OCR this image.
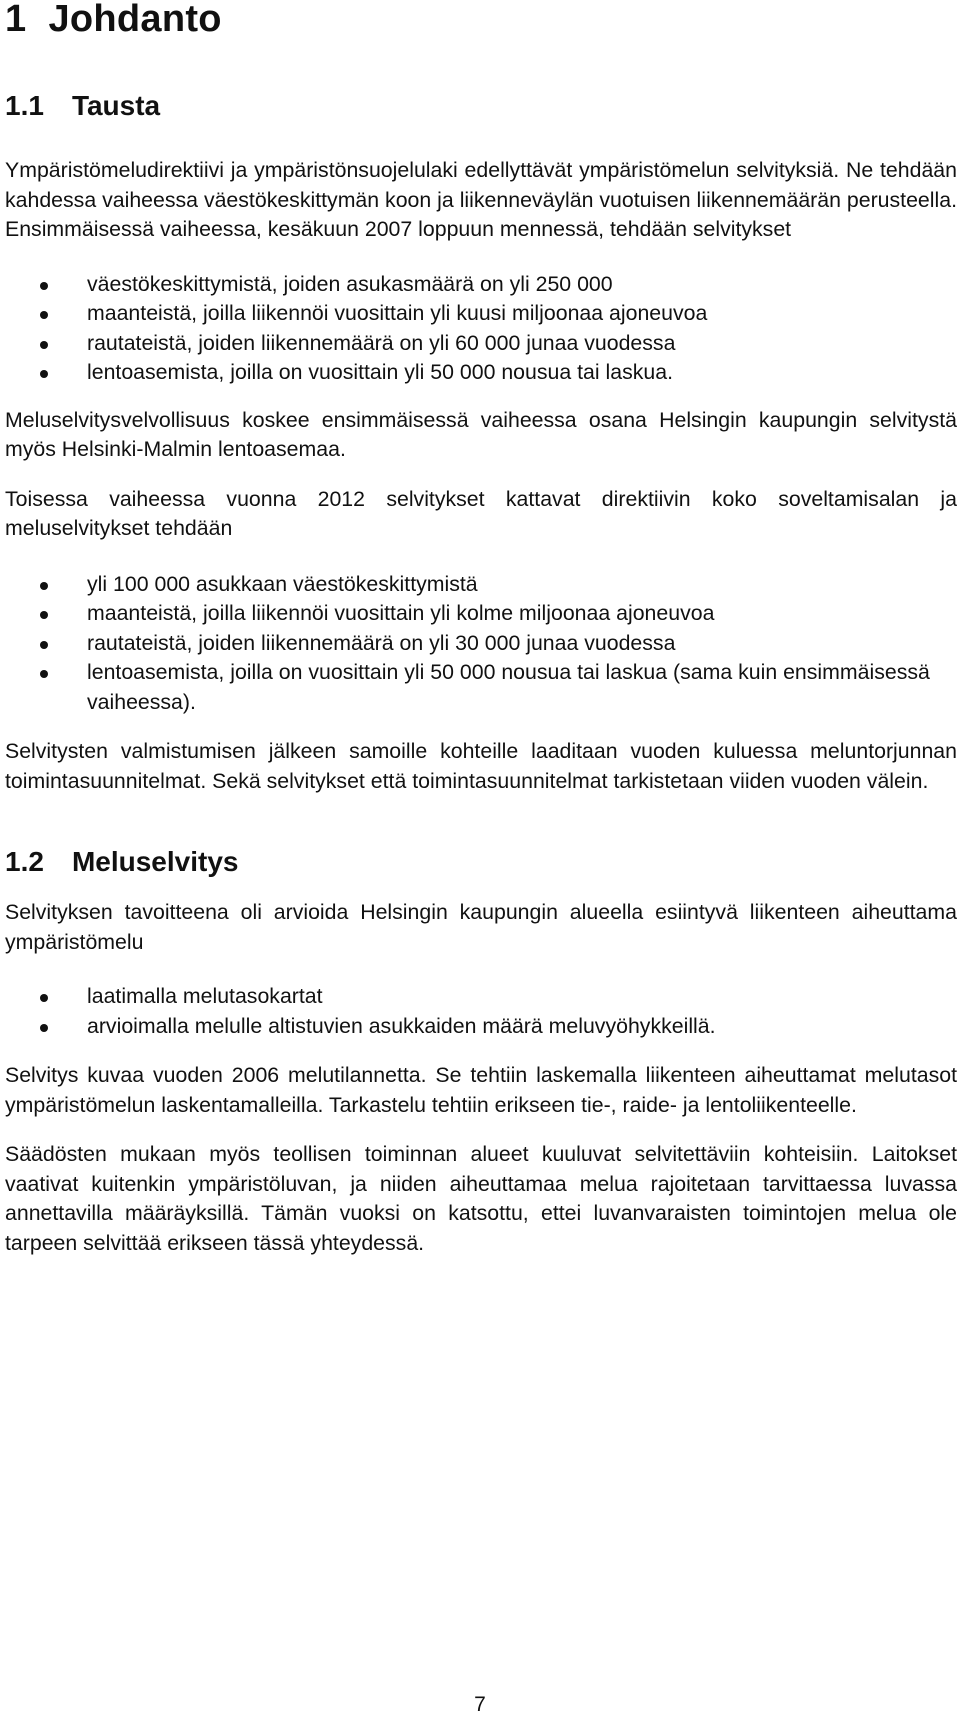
1 Johdanto
1.1 Tausta

Ympäristömeludirektiivi ja ympäristönsuojelulaki edellyttävät ympäristömelun selvityksiä. Ne tehdään kahdessa vaiheessa väestökeskittymän koon ja liikenneväylän vuotuisen liikennemäärän perusteella. Ensimmäisessä vaiheessa, kesäkuun 2007 loppuun mennessä, tehdään selvitykset

väestökeskittymistä, joiden asukasmäärä on yli 250 000
maanteistä, joilla liikennöi vuosittain yli kuusi miljoonaa ajoneuvoa
rautateistä, joiden liikennemäärä on yli 60 000 junaa vuodessa
lentoasemista, joilla on vuosittain yli 50 000 nousua tai laskua.

Meluselvitysvelvollisuus koskee ensimmäisessä vaiheessa osana Helsingin kaupungin selvitystä myös Helsinki-Malmin lentoasemaa.

Toisessa vaiheessa vuonna 2012 selvitykset kattavat direktiivin koko soveltamisalan ja meluselvitykset tehdään

yli 100 000 asukkaan väestökeskittymistä
maanteistä, joilla liikennöi vuosittain yli kolme miljoonaa ajoneuvoa
rautateistä, joiden liikennemäärä on yli 30 000 junaa vuodessa
lentoasemista, joilla on vuosittain yli 50 000 nousua tai laskua (sama kuin ensimmäisessä vaiheessa).

Selvitysten valmistumisen jälkeen samoille kohteille laaditaan vuoden kuluessa meluntorjunnan toimintasuunnitelmat. Sekä selvitykset että toimintasuunnitelmat tarkistetaan viiden vuoden välein.

1.2 Meluselvitys

Selvityksen tavoitteena oli arvioida Helsingin kaupungin alueella esiintyvä liikenteen aiheuttama ympäristömelu

laatimalla melutasokartat
arvioimalla melulle altistuvien asukkaiden määrä meluvyöhykkeillä.

Selvitys kuvaa vuoden 2006 melutilannetta. Se tehtiin laskemalla liikenteen aiheuttamat melutasot ympäristömelun laskentamalleilla. Tarkastelu tehtiin erikseen tie-, raide- ja lentoliikenteelle.

Säädösten mukaan myös teollisen toiminnan alueet kuuluvat selvitettäviin kohteisiin. Laitokset vaativat kuitenkin ympäristöluvan, ja niiden aiheuttamaa melua rajoitetaan tarvittaessa luvassa annettavilla määräyksillä. Tämän vuoksi on katsottu, ettei luvanvaraisten toimintojen melua ole tarpeen selvittää erikseen tässä yhteydessä.

7
